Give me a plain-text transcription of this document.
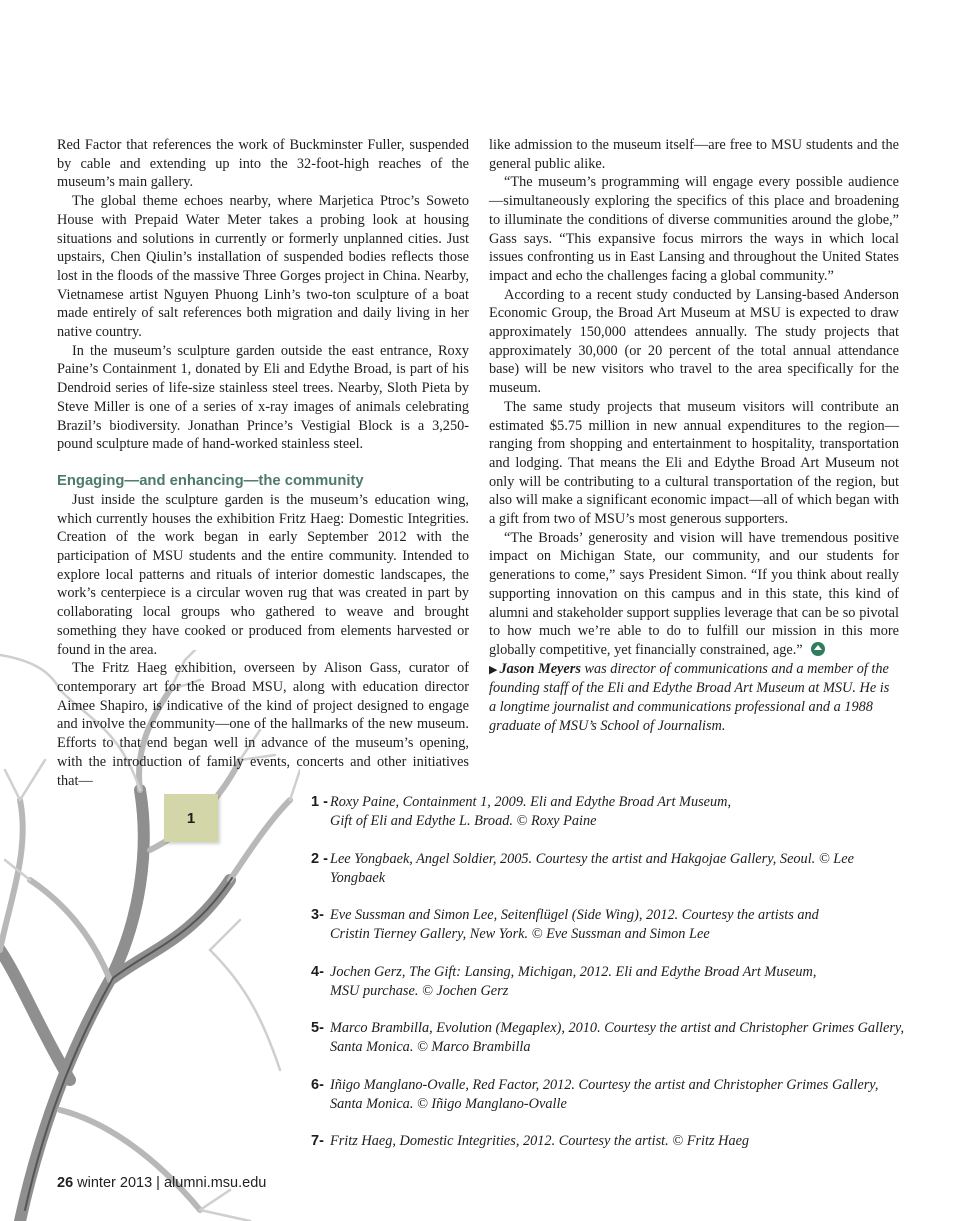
Red Factor that references the work of Buckminster Fuller, suspended by cable and extending up into the 32-foot-high reaches of the museum’s main gallery.

The global theme echoes nearby, where Marjetica Ptroc’s Soweto House with Prepaid Water Meter takes a probing look at housing situations and solutions in currently or formerly unplanned cities. Just upstairs, Chen Qiulin’s installation of suspended bodies reflects those lost in the floods of the massive Three Gorges project in China. Nearby, Vietnamese artist Nguyen Phuong Linh’s two-ton sculpture of a boat made entirely of salt references both migration and daily living in her native country.

In the museum’s sculpture garden outside the east entrance, Roxy Paine’s Containment 1, donated by Eli and Edythe Broad, is part of his Dendroid series of life-size stainless steel trees. Nearby, Sloth Pieta by Steve Miller is one of a series of x-ray images of animals celebrating Brazil’s biodiversity. Jonathan Prince’s Vestigial Block is a 3,250-pound sculpture made of hand-worked stainless steel.

Engaging—and enhancing—the community

Just inside the sculpture garden is the museum’s education wing, which currently houses the exhibition Fritz Haeg: Domestic Integrities. Creation of the work began in early September 2012 with the participation of MSU students and the entire community. Intended to explore local patterns and rituals of interior domestic landscapes, the work’s centerpiece is a circular woven rug that was created in part by collaborating local groups who gathered to weave and brought something they have cooked or produced from elements harvested or found in the area.

The Fritz Haeg exhibition, overseen by Alison Gass, curator of contemporary art for the Broad MSU, along with education director Aimee Shapiro, is indicative of the kind of project designed to engage and involve the community—one of the hallmarks of the new museum. Efforts to that end began well in advance of the museum’s opening, with the introduction of family events, concerts and other initiatives that—

like admission to the museum itself—are free to MSU students and the general public alike.

“The museum’s programming will engage every possible audience—simultaneously exploring the specifics of this place and broadening to illuminate the conditions of diverse communities around the globe,” Gass says. “This expansive focus mirrors the ways in which local issues confronting us in East Lansing and throughout the United States impact and echo the challenges facing a global community.”

According to a recent study conducted by Lansing-based Anderson Economic Group, the Broad Art Museum at MSU is expected to draw approximately 150,000 attendees annually. The study projects that approximately 30,000 (or 20 percent of the total annual attendance base) will be new visitors who travel to the area specifically for the museum.

The same study projects that museum visitors will contribute an estimated $5.75 million in new annual expenditures to the region—ranging from shopping and entertainment to hospitality, transportation and lodging. That means the Eli and Edythe Broad Art Museum not only will be contributing to a cultural transportation of the region, but also will make a significant economic impact—all of which began with a gift from two of MSU’s most generous supporters.

“The Broads’ generosity and vision will have tremendous positive impact on Michigan State, our community, and our students for generations to come,” says President Simon. “If you think about really supporting innovation on this campus and in this state, this kind of alumni and stakeholder support supplies leverage that can be so pivotal to how much we’re able to do to fulfill our mission in this more globally competitive, yet financially constrained, age.”

▶ Jason Meyers was director of communications and a member of the founding staff of the Eli and Edythe Broad Art Museum at MSU. He is a longtime journalist and communications professional and a 1988 graduate of MSU’s School of Journalism.

1
1 - Roxy Paine, Containment 1, 2009. Eli and Edythe Broad Art Museum,
Gift of Eli and Edythe L. Broad. © Roxy Paine
2 - Lee Yongbaek, Angel Soldier, 2005. Courtesy the artist and Hakgojae Gallery, Seoul. © Lee Yongbaek
3- Eve Sussman and Simon Lee, Seitenflügel (Side Wing), 2012. Courtesy the artists and
Cristin Tierney Gallery, New York. © Eve Sussman and Simon Lee
4- Jochen Gerz, The Gift: Lansing, Michigan, 2012. Eli and Edythe Broad Art Museum,
MSU purchase. © Jochen Gerz
5- Marco Brambilla, Evolution (Megaplex), 2010. Courtesy the artist and Christopher Grimes Gallery,
Santa Monica. © Marco Brambilla
6- Iñigo Manglano-Ovalle, Red Factor, 2012. Courtesy the artist and Christopher Grimes Gallery,
Santa Monica. © Iñigo Manglano-Ovalle
7- Fritz Haeg, Domestic Integrities, 2012. Courtesy the artist. © Fritz Haeg
26 winter 2013 | alumni.msu.edu
